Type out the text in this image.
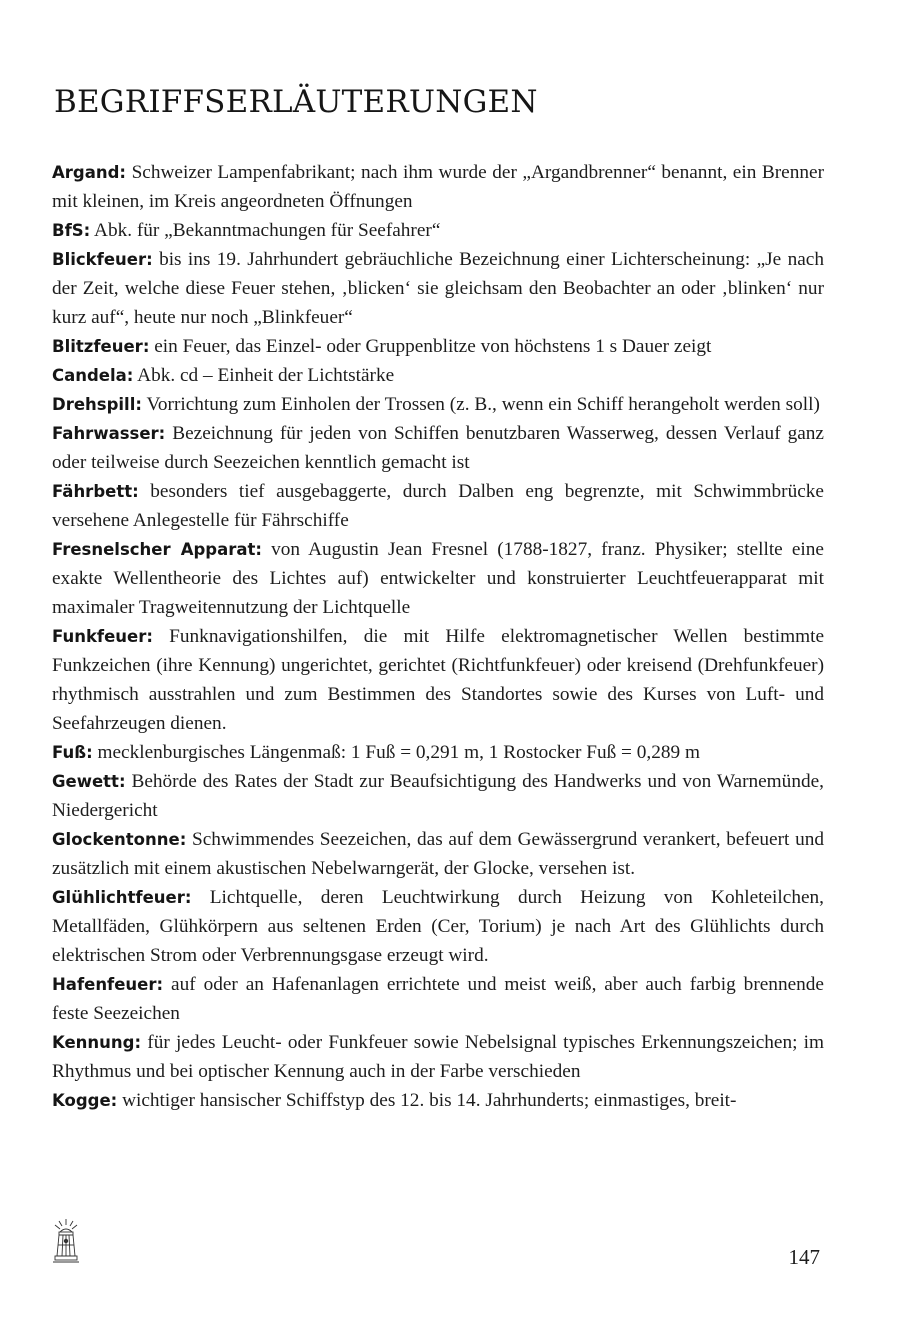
BEGRIFFSERLÄUTERUNGEN

Argand: Schweizer Lampenfabrikant; nach ihm wurde der „Argandbrenner“ benannt, ein Brenner mit kleinen, im Kreis angeordneten Öffnungen

BfS: Abk. für „Bekanntmachungen für Seefahrer“

Blickfeuer: bis ins 19. Jahrhundert gebräuchliche Bezeichnung einer Lichterscheinung: „Je nach der Zeit, welche diese Feuer stehen, ‚blicken‘ sie gleichsam den Beobachter an oder ‚blinken‘ nur kurz auf“, heute nur noch „Blinkfeuer“

Blitzfeuer: ein Feuer, das Einzel- oder Gruppenblitze von höchstens 1 s Dauer zeigt

Candela: Abk. cd – Einheit der Lichtstärke

Drehspill: Vorrichtung zum Einholen der Trossen (z. B., wenn ein Schiff herangeholt werden soll)

Fahrwasser: Bezeichnung für jeden von Schiffen benutzbaren Wasserweg, dessen Verlauf ganz oder teilweise durch Seezeichen kenntlich gemacht ist

Fährbett: besonders tief ausgebaggerte, durch Dalben eng begrenzte, mit Schwimmbrücke versehene Anlegestelle für Fährschiffe

Fresnelscher Apparat: von Augustin Jean Fresnel (1788-1827, franz. Physiker; stellte eine exakte Wellentheorie des Lichtes auf) entwickelter und konstruierter Leuchtfeuerapparat mit maximaler Tragweitennutzung der Lichtquelle

Funkfeuer: Funknavigationshilfen, die mit Hilfe elektromagnetischer Wellen bestimmte Funkzeichen (ihre Kennung) ungerichtet, gerichtet (Richtfunkfeuer) oder kreisend (Drehfunkfeuer) rhythmisch ausstrahlen und zum Bestimmen des Standortes sowie des Kurses von Luft- und Seefahrzeugen dienen.

Fuß: mecklenburgisches Längenmaß: 1 Fuß = 0,291 m, 1 Rostocker Fuß = 0,289 m

Gewett: Behörde des Rates der Stadt zur Beaufsichtigung des Handwerks und von Warnemünde, Niedergericht

Glockentonne: Schwimmendes Seezeichen, das auf dem Gewässergrund verankert, befeuert und zusätzlich mit einem akustischen Nebelwarngerät, der Glocke, versehen ist.

Glühlichtfeuer: Lichtquelle, deren Leuchtwirkung durch Heizung von Kohleteilchen, Metallfäden, Glühkörpern aus seltenen Erden (Cer, Torium) je nach Art des Glühlichts durch elektrischen Strom oder Verbrennungsgase erzeugt wird.

Hafenfeuer: auf oder an Hafenanlagen errichtete und meist weiß, aber auch farbig brennende feste Seezeichen

Kennung: für jedes Leucht- oder Funkfeuer sowie Nebelsignal typisches Erkennungszeichen; im Rhythmus und bei optischer Kennung auch in der Farbe verschieden

Kogge: wichtiger hansischer Schiffstyp des 12. bis 14. Jahrhunderts; einmastiges, breit-

147
